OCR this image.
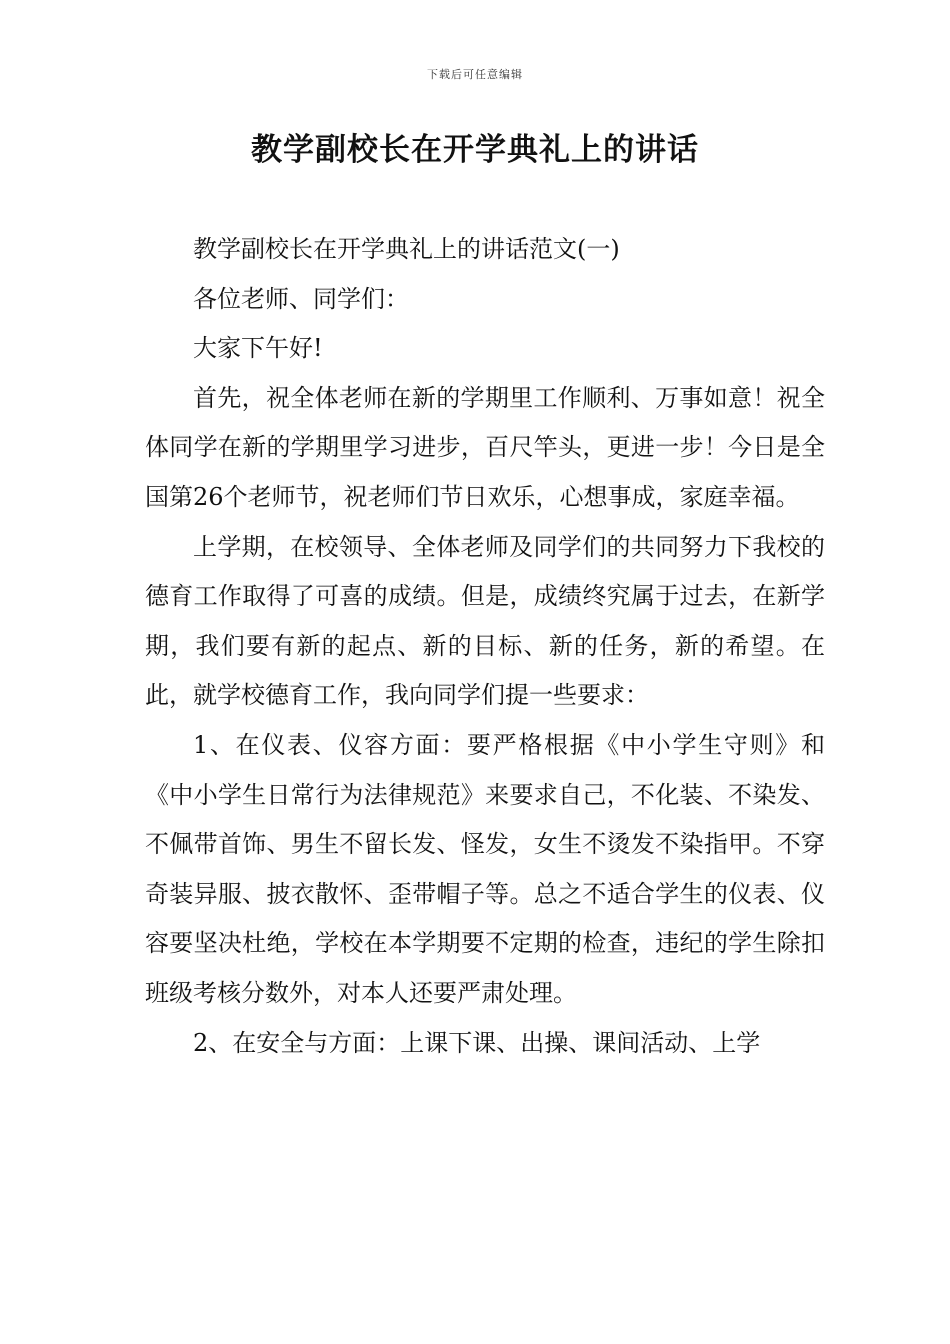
下载后可任意编辑
教学副校长在开学典礼上的讲话

教学副校长在开学典礼上的讲话范文(一)

各位老师、同学们：

大家下午好!

首先，祝全体老师在新的学期里工作顺利、万事如意！祝全体同学在新的学期里学习进步，百尺竿头，更进一步！今日是全国第26个老师节，祝老师们节日欢乐，心想事成，家庭幸福。

上学期，在校领导、全体老师及同学们的共同努力下我校的德育工作取得了可喜的成绩。但是，成绩终究属于过去，在新学期，我们要有新的起点、新的目标、新的任务，新的希望。在此，就学校德育工作，我向同学们提一些要求：

1、在仪表、仪容方面：要严格根据《中小学生守则》和《中小学生日常行为法律规范》来要求自己，不化装、不染发、不佩带首饰、男生不留长发、怪发，女生不烫发不染指甲。不穿奇装异服、披衣散怀、歪带帽子等。总之不适合学生的仪表、仪容要坚决杜绝，学校在本学期要不定期的检查，违纪的学生除扣班级考核分数外，对本人还要严肃处理。

2、在安全与方面：上课下课、出操、课间活动、上学
